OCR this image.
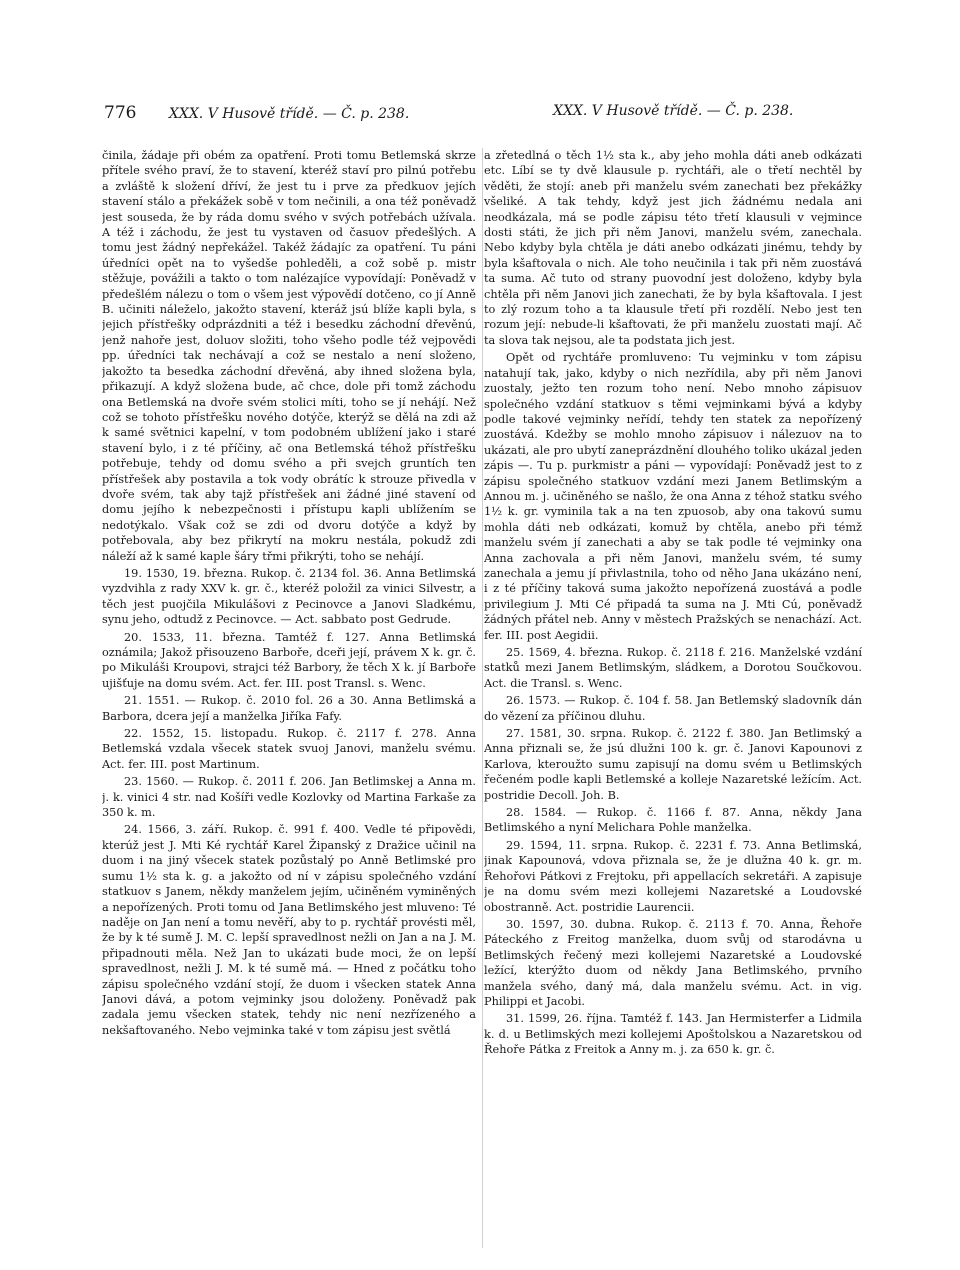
776 XXX. V Husově třídě. — Č. p. 238.	XXX. V Husově třídě. — Č. p. 238.

činila, žádaje při obém za opatření. Proti tomu Betlemská skrze přítele svého praví, že to stavení, kteréž staví pro pilnú potřebu a zvláště k složení dříví, že jest tu i prve za předkuov jejích stavení stálo a překážek sobě v tom nečinili, a ona též poněvadž jest souseda, že by ráda domu svého v svých potřebách užívala. A též i záchodu, že jest tu vystaven od časuov předešlých. A tomu jest žádný nepřekážel. Takéž žádajíc za opatření. Tu páni úředníci opět na to vyšedše pohleděli, a což sobě p. mistr stěžuje, povážili a takto o tom nalézajíce vypovídají: Poněvadž v předešlém nálezu o tom o všem jest výpovědí dotčeno, co jí Anně B. učiniti náleželo, jakožto stavení, kteráž jsú blíže kapli byla, s jejich přístřešky odprázdniti a též i besedku záchodní dřevěnú, jenž nahoře jest, doluov složiti, toho všeho podle též vejpovědi pp. úředníci tak nechávají a což se nestalo a není složeno, jakožto ta besedka záchodní dřevěná, aby ihned složena byla, přikazují. A když složena bude, ač chce, dole při tomž záchodu ona Betlemská na dvoře svém stolici míti, toho se jí nehájí. Než což se tohoto přístřešku nového dotýče, kterýž se dělá na zdi až k samé světnici kapelní, v tom podobném ublížení jako i staré stavení bylo, i z té příčiny, ač ona Betlemská téhož přístřešku potřebuje, tehdy od domu svého a při svejch gruntích ten přístřešek aby postavila a tok vody obrátíc k strouze přivedla v dvoře svém, tak aby tajž přístřešek ani žádné jiné stavení od domu jejího k nebezpečnosti i přístupu kapli ublížením se nedotýkalo. Však což se zdi od dvoru dotýče a když by potřebovala, aby bez přikrytí na mokru nestála, pokudž zdi náleží až k samé kaple šáry třmi přikrýti, toho se nehájí.

19. 1530, 19. března. Rukop. č. 2134 fol. 36. Anna Betlimská vyzdvihla z rady XXV k. gr. č., kteréž položil za vinici Silvestr, a těch jest puojčila Mikulášovi z Pecinovce a Janovi Sladkému, synu jeho, odtudž z Pecinovce. — Act. sabbato post Gedrude.

20. 1533, 11. března. Tamtéž f. 127. Anna Betlimská oznámila; Jakož přisouzeno Barboře, dceři její, právem X k. gr. č. po Mikuláši Kroupovi, strajci též Barbory, že těch X k. jí Barboře ujišťuje na domu svém. Act. fer. III. post Transl. s. Wenc.

21. 1551. — Rukop. č. 2010 fol. 26 a 30. Anna Betlimská a Barbora, dcera její a manželka Jiříka Fafy.

22. 1552, 15. listopadu. Rukop. č. 2117 f. 278. Anna Betlemská vzdala všecek statek svuoj Janovi, manželu svému. Act. fer. III. post Martinum.

23. 1560. — Rukop. č. 2011 f. 206. Jan Betlimskej a Anna m. j. k. vinici 4 str. nad Košíři vedle Kozlovky od Martina Farkaše za 350 k. m.

24. 1566, 3. září. Rukop. č. 991 f. 400. Vedle té připovědi, kterúž jest J. Mti Ké rychtář Karel Žipanský z Dražice učinil na duom i na jiný všecek statek pozůstalý po Anně Betlimské pro sumu 1½ sta k. g. a jakožto od ní v zápisu společného vzdání statkuov s Janem, někdy manželem jejím, učiněném vyminěných a nepořízených. Proti tomu od Jana Betlimského jest mluveno: Té naděje on Jan není a tomu nevěří, aby to p. rychtář provésti měl, že by k té sumě J. M. C. lepší spravedlnost nežli on Jan a na J. M. připadnouti měla. Než Jan to ukázati bude moci, že on lepší spravedlnost, nežli J. M. k té sumě má. — Hned z počátku toho zápisu společného vzdání stojí, že duom i všecken statek Anna Janovi dává, a potom vejminky jsou doloženy. Poněvadž pak zadala jemu všecken statek, tehdy nic není nezřízeného a nekšaftovaného. Nebo vejminka také v tom zápisu jest světlá

a zřetedlná o těch 1½ sta k., aby jeho mohla dáti aneb odkázati etc. Líbí se ty dvě klausule p. rychtáři, ale o třetí nechtěl by věděti, že stojí: aneb při manželu svém zanechati bez překážky všeliké. A tak tehdy, když jest jich žádnému nedala ani neodkázala, má se podle zápisu této třetí klausuli v vejmince dosti státi, že jich při něm Janovi, manželu svém, zanechala. Nebo kdyby byla chtěla je dáti anebo odkázati jinému, tehdy by byla kšaftovala o nich. Ale toho neučinila i tak při něm zuostává ta suma. Ač tuto od strany puovodní jest doloženo, kdyby byla chtěla při něm Janovi jich zanechati, že by byla kšaftovala. I jest to zlý rozum toho a ta klausule třetí při rozdělí. Nebo jest ten rozum její: nebude-li kšaftovati, že při manželu zuostati mají. Ač ta slova tak nejsou, ale ta podstata jich jest.

Opět od rychtáře promluveno: Tu vejminku v tom zápisu natahují tak, jako, kdyby o nich nezřídila, aby při něm Janovi zuostaly, ježto ten rozum toho není. Nebo mnoho zápisuov společného vzdání statkuov s těmi vejminkami bývá a kdyby podle takové vejminky neřídí, tehdy ten statek za nepořízený zuostává. Kdežby se mohlo mnoho zápisuov i nálezuov na to ukázati, ale pro ubytí zaneprázdnění dlouhého toliko ukázal jeden zápis —. Tu p. purkmistr a páni — vypovídají: Poněvadž jest to z zápisu společného statkuov vzdání mezi Janem Betlimským a Annou m. j. učiněného se našlo, že ona Anna z téhož statku svého 1½ k. gr. vyminila tak a na ten zpuosob, aby ona takovú sumu mohla dáti neb odkázati, komuž by chtěla, anebo při témž manželu svém jí zanechati a aby se tak podle té vejminky ona Anna zachovala a při něm Janovi, manželu svém, té sumy zanechala a jemu jí přivlastnila, toho od něho Jana ukázáno není, i z té příčiny taková suma jakožto nepořízená zuostává a podle privilegium J. Mti Cé připadá ta suma na J. Mti Cú, poněvadž žádných přátel neb. Anny v městech Pražských se nenachází. Act. fer. III. post Aegidii.

25. 1569, 4. března. Rukop. č. 2118 f. 216. Manželské vzdání statků mezi Janem Betlimským, sládkem, a Dorotou Součkovou. Act. die Transl. s. Wenc.

26. 1573. — Rukop. č. 104 f. 58. Jan Betlemský sladovník dán do vězení za příčinou dluhu.

27. 1581, 30. srpna. Rukop. č. 2122 f. 380. Jan Betlimský a Anna přiznali se, že jsú dlužni 100 k. gr. č. Janovi Kapounovi z Karlova, kteroužto sumu zapisují na domu svém u Betlimských řečeném podle kapli Betlemské a kolleje Nazaretské ležícím. Act. postridie Decoll. Joh. B.

28. 1584. — Rukop. č. 1166 f. 87. Anna, někdy Jana Betlimského a nyní Melichara Pohle manželka.

29. 1594, 11. srpna. Rukop. č. 2231 f. 73. Anna Betlimská, jinak Kapounová, vdova přiznala se, že je dlužna 40 k. gr. m. Řehořovi Pátkovi z Frejtoku, při appellacích sekretáři. A zapisuje je na domu svém mezi kollejemi Nazaretské a Loudovské obostranně. Act. postridie Laurencii.

30. 1597, 30. dubna. Rukop. č. 2113 f. 70. Anna, Řehoře Páteckého z Freitog manželka, duom svůj od starodávna u Betlimských řečený mezi kollejemi Nazaretské a Loudovské ležící, kterýžto duom od někdy Jana Betlimského, prvního manžela svého, daný má, dala manželu svému. Act. in vig. Philippi et Jacobi.

31. 1599, 26. října. Tamtéž f. 143. Jan Hermisterfer a Lidmila k. d. u Betlimských mezi kollejemi Apoštolskou a Nazaretskou od Řehoře Pátka z Freitok a Anny m. j. za 650 k. gr. č.
